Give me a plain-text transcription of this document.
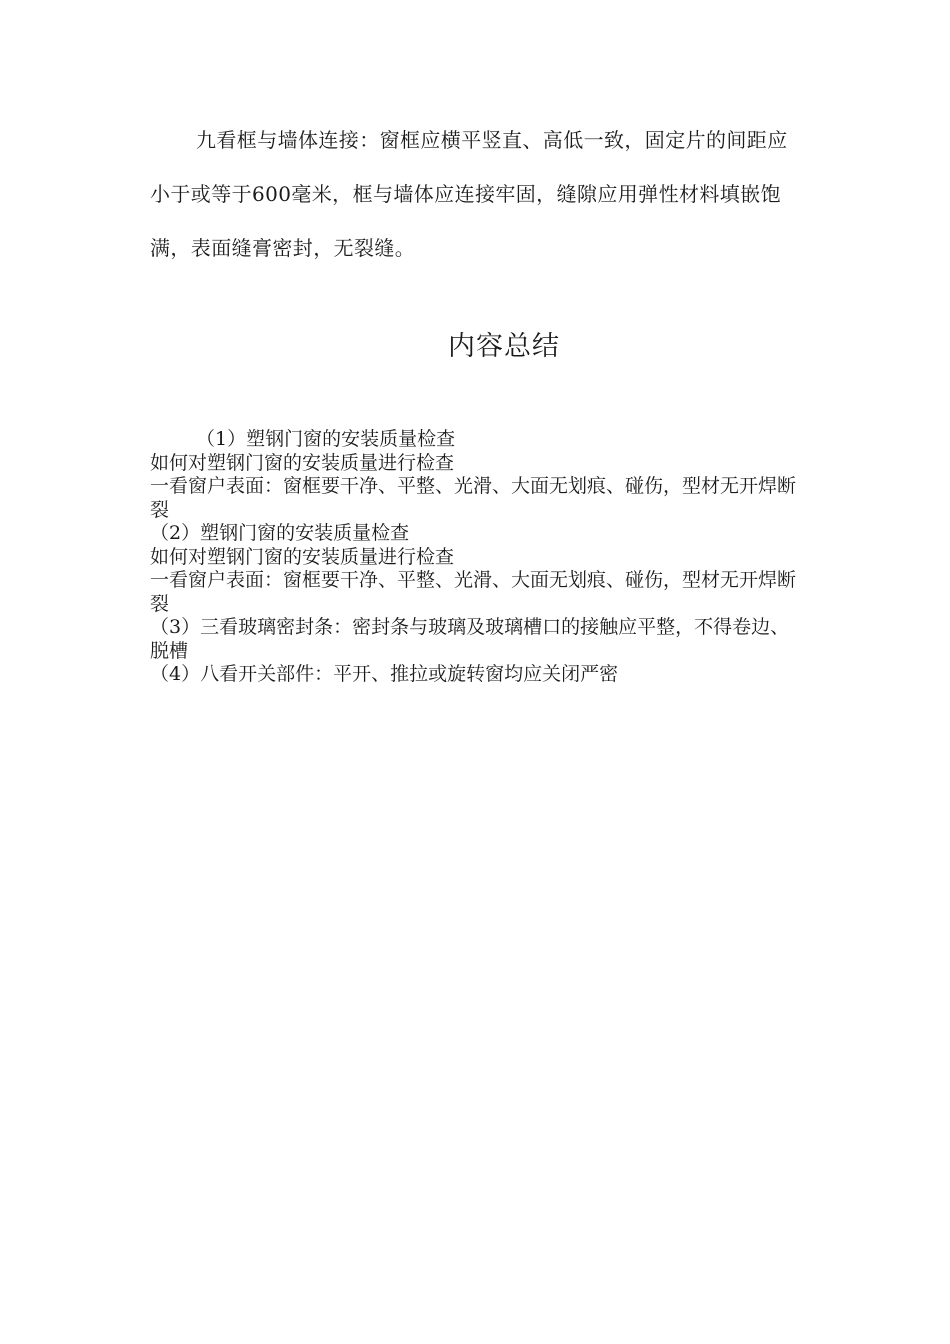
九看框与墙体连接：窗框应横平竖直、高低一致，固定片的间距应小于或等于600毫米，框与墙体应连接牢固，缝隙应用弹性材料填嵌饱满，表面缝膏密封，无裂缝。

内容总结
（1）塑钢门窗的安装质量检查
如何对塑钢门窗的安装质量进行检查
一看窗户表面：窗框要干净、平整、光滑、大面无划痕、碰伤，型材无开焊断裂
（2）塑钢门窗的安装质量检查
如何对塑钢门窗的安装质量进行检查
一看窗户表面：窗框要干净、平整、光滑、大面无划痕、碰伤，型材无开焊断裂
（3）三看玻璃密封条：密封条与玻璃及玻璃槽口的接触应平整，不得卷边、脱槽
（4）八看开关部件：平开、推拉或旋转窗均应关闭严密
